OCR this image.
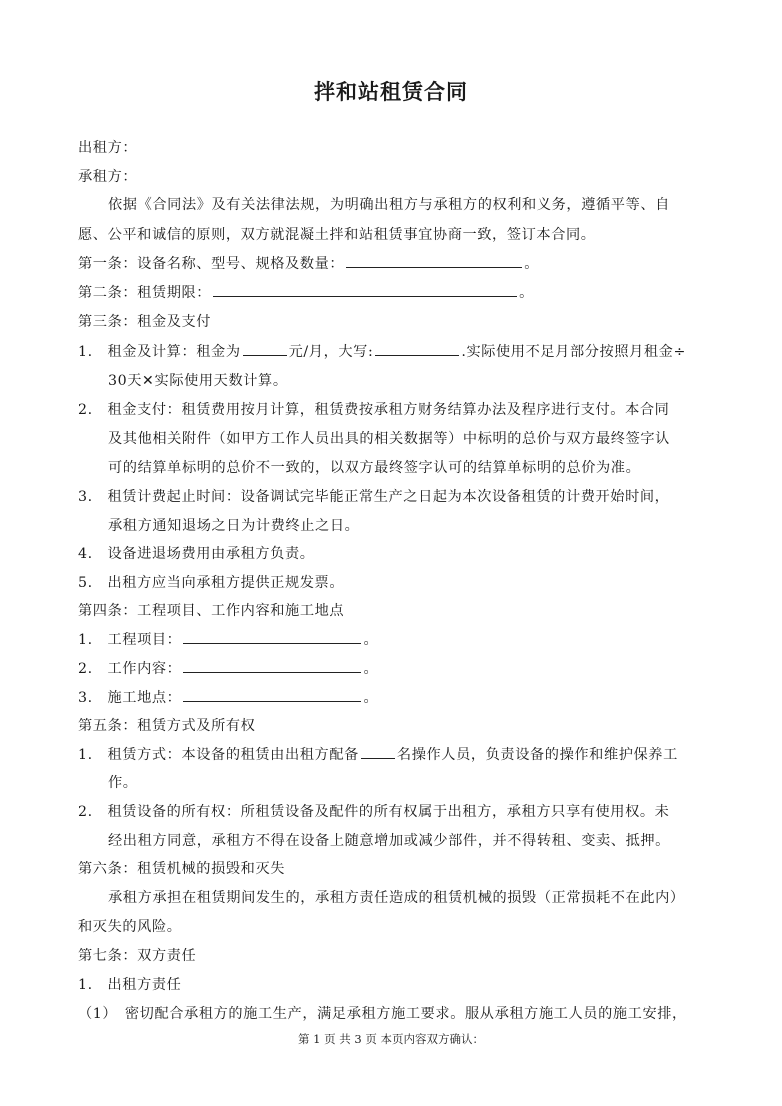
拌和站租赁合同
出租方：
承租方：
依据《合同法》及有关法律法规，为明确出租方与承租方的权利和义务，遵循平等、自
愿、公平和诚信的原则，双方就混凝土拌和站租赁事宜协商一致，签订本合同。
第一条：设备名称、型号、规格及数量：	。
第二条：租赁期限：	。
第三条：租金及支付
1.　租金及计算：租金为	元/月，大写:	.实际使用不足月部分按照月租金÷
30天✕实际使用天数计算。
2.　租金支付：租赁费用按月计算，租赁费按承租方财务结算办法及程序进行支付。本合同
及其他相关附件（如甲方工作人员出具的相关数据等）中标明的总价与双方最终签字认
可的结算单标明的总价不一致的，以双方最终签字认可的结算单标明的总价为准。
3.　租赁计费起止时间：设备调试完毕能正常生产之日起为本次设备租赁的计费开始时间，
承租方通知退场之日为计费终止之日。
4.　设备进退场费用由承租方负责。
5.　出租方应当向承租方提供正规发票。
第四条：工程项目、工作内容和施工地点
1.　工程项目：	。
2.　工作内容：	。
3.　施工地点：	。
第五条：租赁方式及所有权
1.　租赁方式：本设备的租赁由出租方配备	名操作人员，负责设备的操作和维护保养工
作。
2.　租赁设备的所有权：所租赁设备及配件的所有权属于出租方，承租方只享有使用权。未
经出租方同意，承租方不得在设备上随意增加或减少部件，并不得转租、变卖、抵押。
第六条：租赁机械的损毁和灭失
承租方承担在租赁期间发生的，承租方责任造成的租赁机械的损毁（正常损耗不在此内）
和灭失的风险。
第七条：双方责任
1.　出租方责任
（1）　密切配合承租方的施工生产，满足承租方施工要求。服从承租方施工人员的施工安排，
第 1 页 共 3 页 本页内容双方确认：
